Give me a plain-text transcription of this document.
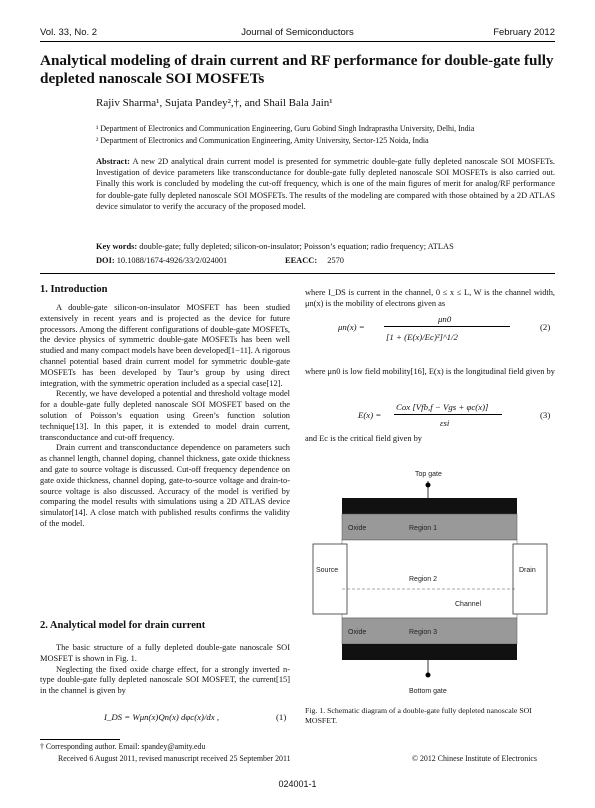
Vol. 33, No. 2	Journal of Semiconductors	February 2012
Analytical modeling of drain current and RF performance for double-gate fully depleted nanoscale SOI MOSFETs
Rajiv Sharma¹, Sujata Pandey²,†, and Shail Bala Jain¹
¹ Department of Electronics and Communication Engineering, Guru Gobind Singh Indraprastha University, Delhi, India
² Department of Electronics and Communication Engineering, Amity University, Sector-125 Noida, India
Abstract: A new 2D analytical drain current model is presented for symmetric double-gate fully depleted nanoscale SOI MOSFETs. Investigation of device parameters like transconductance for double-gate fully depleted nanoscale SOI MOSFETs is also carried out. Finally this work is concluded by modeling the cut-off frequency, which is one of the main figures of merit for analog/RF performance for double-gate fully depleted nanoscale SOI MOSFETs. The results of the modeling are compared with those obtained by a 2D ATLAS device simulator to verify the accuracy of the proposed model.
Key words: double-gate; fully depleted; silicon-on-insulator; Poisson’s equation; radio frequency; ATLAS
DOI: 10.1088/1674-4926/33/2/024001	EEACC: 2570
1. Introduction

A double-gate silicon-on-insulator MOSFET has been studied extensively in recent years and is projected as the device for future processors. Among the different configurations of double-gate MOSFETs, the device physics of symmetric double-gate MOSFETs has been well studied and many compact models have been developed[1−11]. A rigorous channel potential based drain current model for symmetric double-gate MOSFETs has been developed by Taur’s group by using direct integration, with the symmetric operation included as a special case[12].

Recently, we have developed a potential and threshold voltage model for a double-gate fully depleted nanoscale SOI MOSFET based on the solution of Poisson’s equation using Green’s function solution technique[13]. In this paper, it is extended to model drain current, transconductance and cut-off frequency.

Drain current and transconductance dependence on parameters such as channel length, channel doping, channel thickness, gate oxide thickness and gate to source voltage is discussed. Cut-off frequency dependence on gate oxide thickness, channel doping, gate-to-source voltage and drain-to-source voltage is also discussed. Accuracy of the model is verified by comparing the model results with simulations using a 2D ATLAS device simulator[14]. A close match with published results confirms the validity of the model.

2. Analytical model for drain current

The basic structure of a fully depleted double-gate nanoscale SOI MOSFET is shown in Fig. 1.

Neglecting the fixed oxide charge effect, for a strongly inverted n-type double-gate fully depleted nanoscale SOI MOSFET, the current[15] in the channel is given by

I_DS = Wμn(x)Qn(x) dφc(x)/dx ,	(1)
† Corresponding author. Email: spandey@amity.edu
Received 6 August 2011, revised manuscript received 25 September 2011	© 2012 Chinese Institute of Electronics

where I_DS is current in the channel, 0 ≤ x ≤ L, W is the channel width, μn(x) is the mobility of electrons given as

μn(x) =
μn0
[1 + (E(x)/Ec)²]^1/2
(2)

where μn0 is low field mobility[16], E(x) is the longitudinal field given by

E(x) =
Cox [Vfb,f − Vgs + φc(x)]
εsi
(3)

and Ec is the critical field given by

Top gate
Oxide	Region 1
Source	Drain
Region 2
Channel
Oxide	Region 3
Bottom gate
Fig. 1. Schematic diagram of a double-gate fully depleted nanoscale SOI MOSFET.
024001-1
